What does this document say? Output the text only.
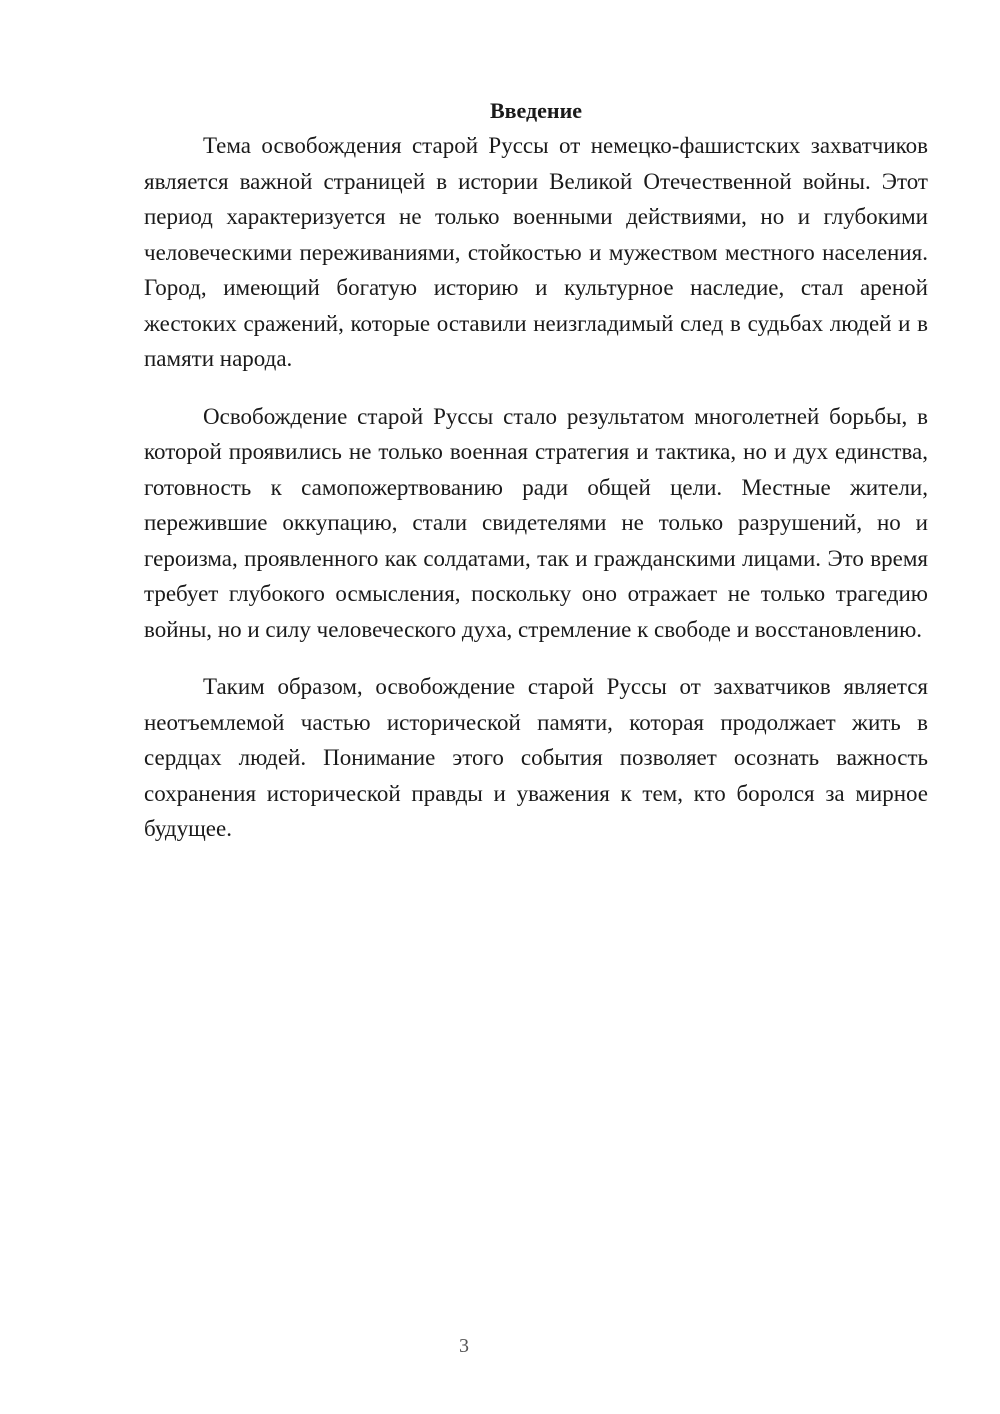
Введение

Тема освобождения старой Руссы от немецко-фашистских захватчиков является важной страницей в истории Великой Отечественной войны. Этот период характеризуется не только военными действиями, но и глубокими человеческими переживаниями, стойкостью и мужеством местного населения. Город, имеющий богатую историю и культурное наследие, стал ареной жестоких сражений, которые оставили неизгладимый след в судьбах людей и в памяти народа.

Освобождение старой Руссы стало результатом многолетней борьбы, в которой проявились не только военная стратегия и тактика, но и дух единства, готовность к самопожертвованию ради общей цели. Местные жители, пережившие оккупацию, стали свидетелями не только разрушений, но и героизма, проявленного как солдатами, так и гражданскими лицами. Это время требует глубокого осмысления, поскольку оно отражает не только трагедию войны, но и силу человеческого духа, стремление к свободе и восстановлению.

Таким образом, освобождение старой Руссы от захватчиков является неотъемлемой частью исторической памяти, которая продолжает жить в сердцах людей. Понимание этого события позволяет осознать важность сохранения исторической правды и уважения к тем, кто боролся за мирное будущее.

3
